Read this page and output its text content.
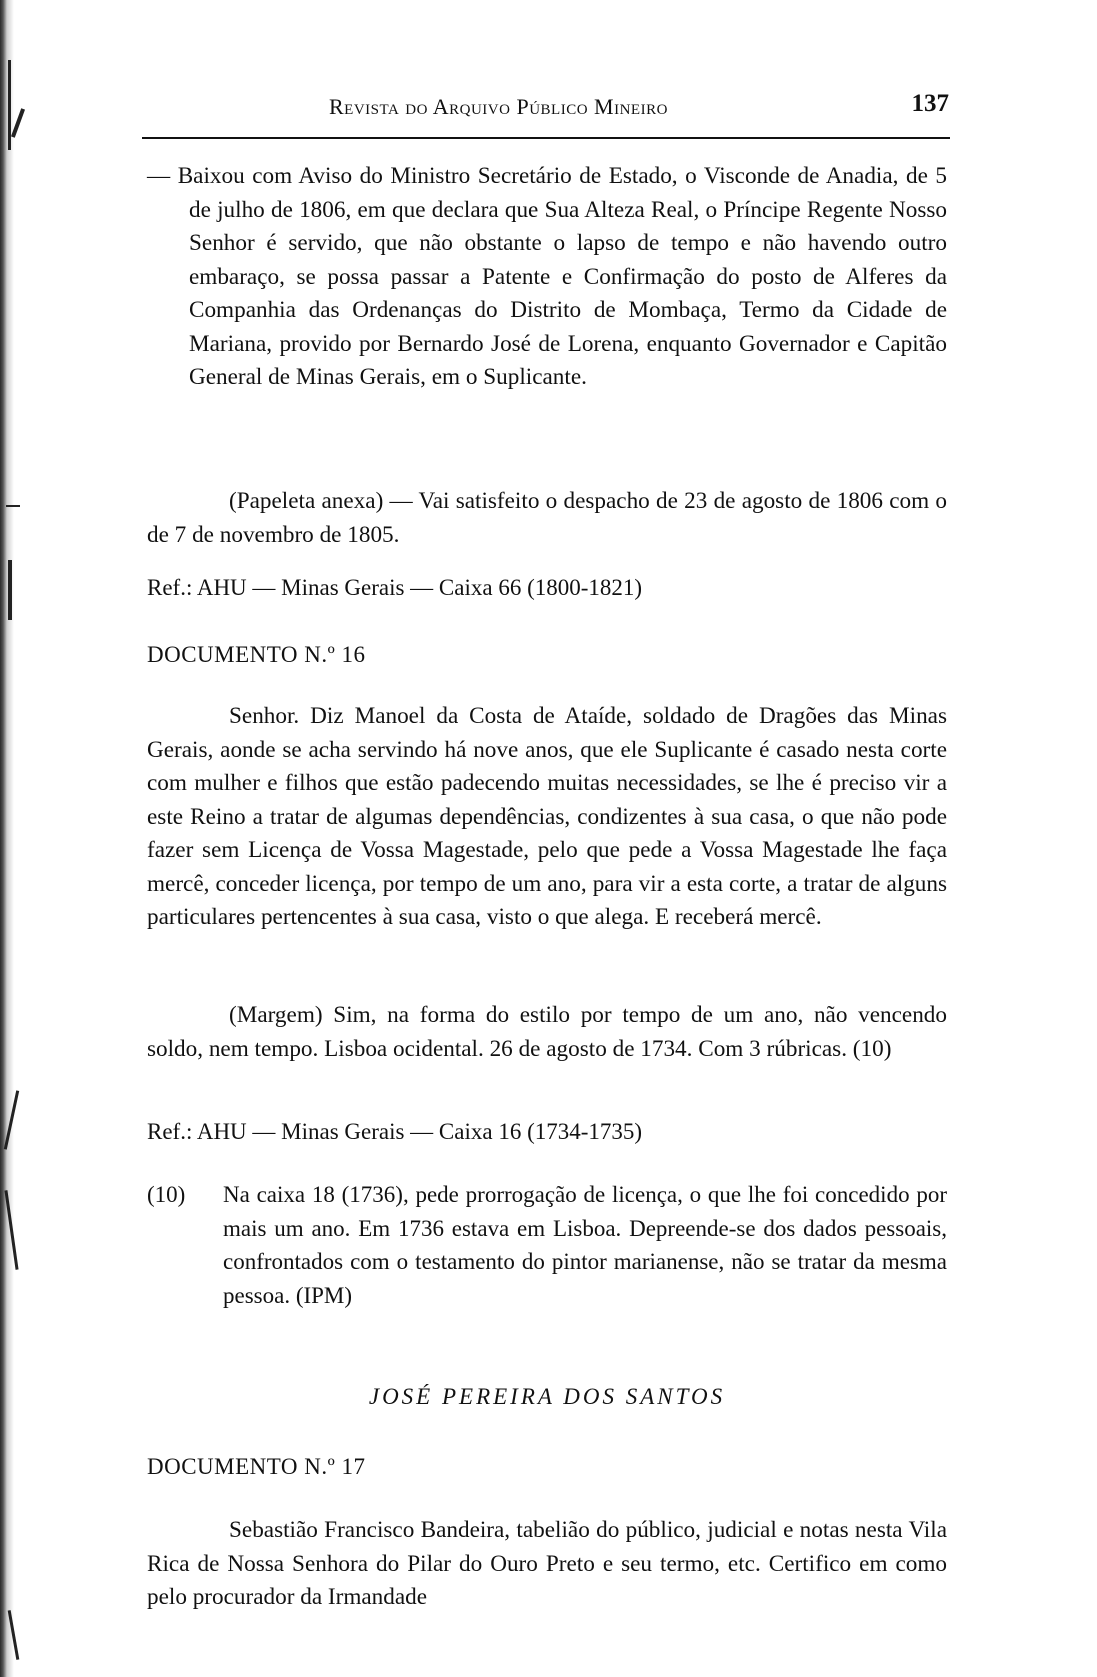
Revista do Arquivo Público Mineiro	137

— Baixou com Aviso do Ministro Secretário de Estado, o Visconde de Anadia, de 5 de julho de 1806, em que declara que Sua Alteza Real, o Príncipe Regente Nosso Senhor é servido, que não obstante o lapso de tempo e não havendo outro embaraço, se possa passar a Patente e Confirmação do posto de Alferes da Companhia das Ordenanças do Distrito de Mombaça, Termo da Cidade de Mariana, provido por Bernardo José de Lorena, enquanto Governador e Capitão General de Minas Gerais, em o Suplicante.

(Papeleta anexa) — Vai satisfeito o despacho de 23 de agosto de 1806 com o de 7 de novembro de 1805.

Ref.: AHU — Minas Gerais — Caixa 66 (1800-1821)

DOCUMENTO N.º 16

Senhor. Diz Manoel da Costa de Ataíde, soldado de Dragões das Minas Gerais, aonde se acha servindo há nove anos, que ele Suplicante é casado nesta corte com mulher e filhos que estão padecendo muitas necessidades, se lhe é preciso vir a este Reino a tratar de algumas dependências, condizentes à sua casa, o que não pode fazer sem Licença de Vossa Magestade, pelo que pede a Vossa Magestade lhe faça mercê, conceder licença, por tempo de um ano, para vir a esta corte, a tratar de alguns particulares pertencentes à sua casa, visto o que alega. E receberá mercê.

(Margem) Sim, na forma do estilo por tempo de um ano, não vencendo soldo, nem tempo. Lisboa ocidental. 26 de agosto de 1734. Com 3 rúbricas. (10)

Ref.: AHU — Minas Gerais — Caixa 16 (1734-1735)

(10)	Na caixa 18 (1736), pede prorrogação de licença, o que lhe foi concedido por mais um ano. Em 1736 estava em Lisboa. Depreende-se dos dados pessoais, confrontados com o testamento do pintor marianense, não se tratar da mesma pessoa. (IPM)

JOSÉ PEREIRA DOS SANTOS

DOCUMENTO N.º 17

Sebastião Francisco Bandeira, tabelião do público, judicial e notas nesta Vila Rica de Nossa Senhora do Pilar do Ouro Preto e seu termo, etc. Certifico em como pelo procurador da Irmandade
